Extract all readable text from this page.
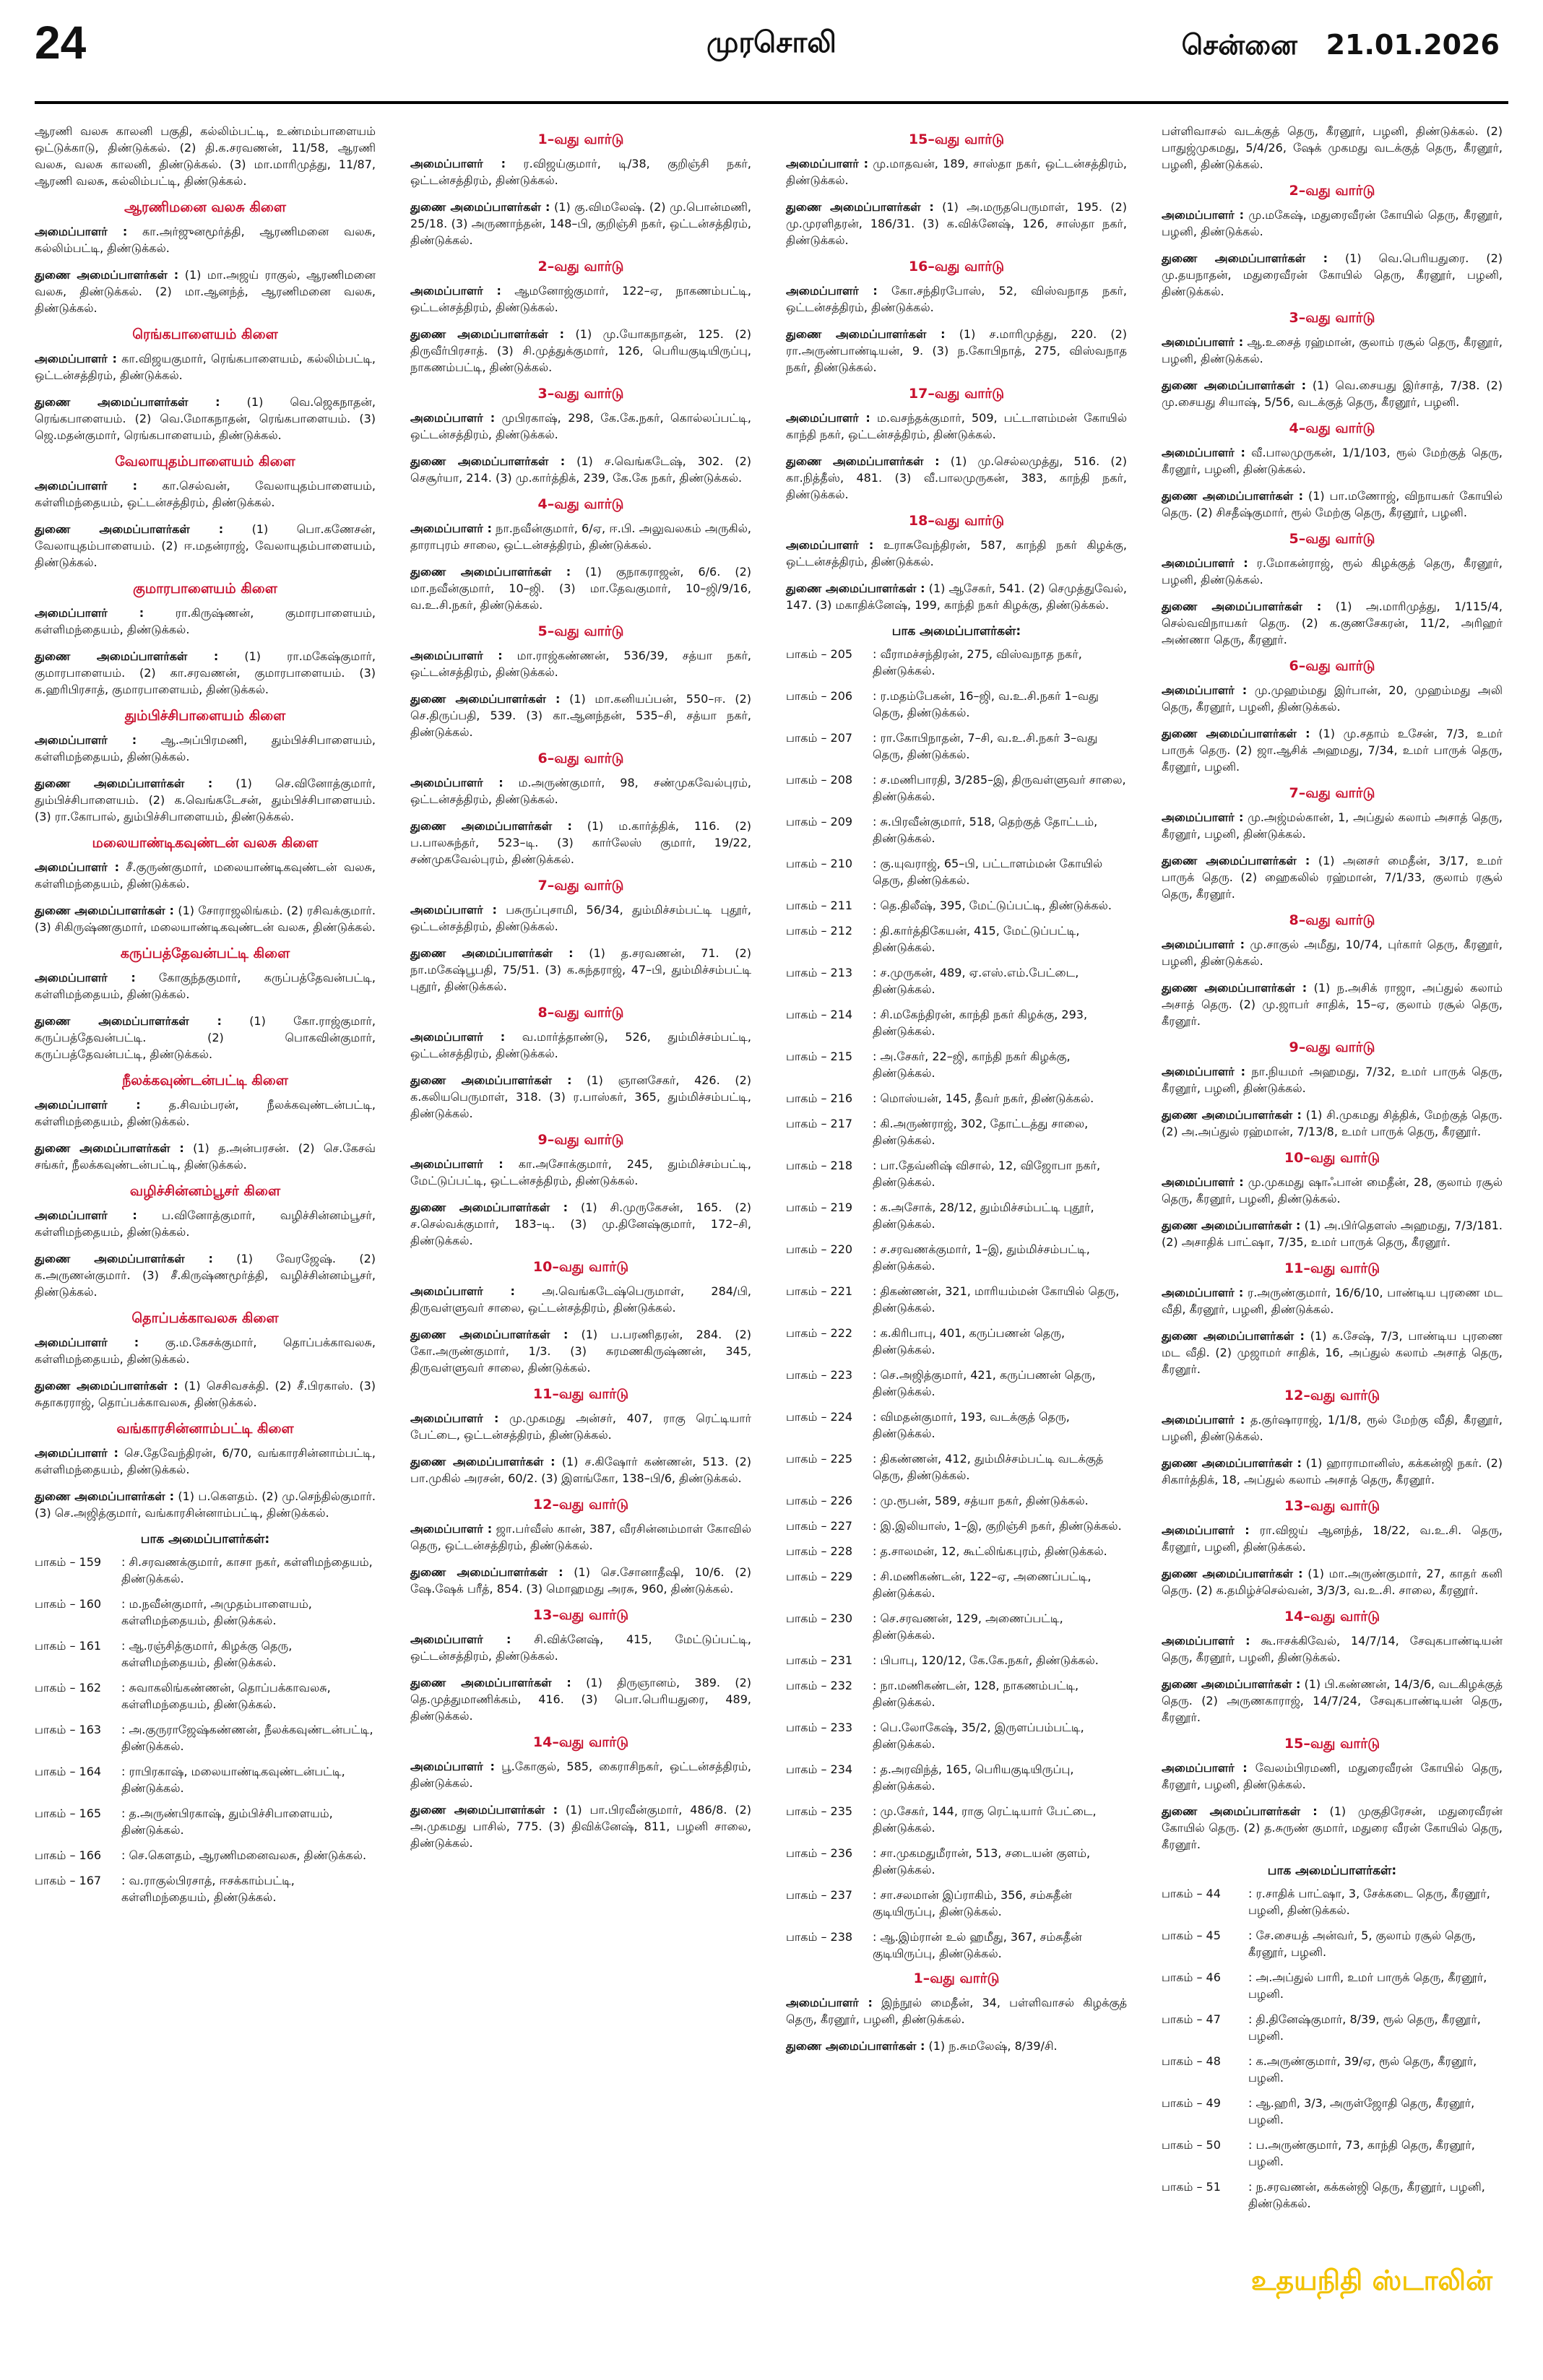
24	முரசொலி	சென்னை 21.01.2026

ஆரணி வலசு காலனி பகுதி, கல்லிம்பட்டி, உண்மம்பாளையம் ஒட்டுக்காடு, திண்டுக்கல். (2) தி.க.சரவணன், 11/58, ஆரணி வலசு, வலசு காலனி, திண்டுக்கல். (3) மா.மாரிமுத்து, 11/87, ஆரணி வலசு, கல்லிம்பட்டி, திண்டுக்கல்.

ஆரணிமனை வலசு கிளை

அமைப்பாளர் : கா.அர்ஜுனமூர்த்தி, ஆரணிமனை வலசு, கல்லிம்பட்டி, திண்டுக்கல்.

துணை அமைப்பாளர்கள் : (1) மா.அஜய் ராகுல், ஆரணிமனை வலசு, திண்டுக்கல். (2) மா.ஆனந்த், ஆரணிமனை வலசு, திண்டுக்கல்.

ரெங்கபாளையம் கிளை

அமைப்பாளர் : கா.விஜயகுமார், ரெங்கபாளையம், கல்லிம்பட்டி, ஒட்டன்சத்திரம், திண்டுக்கல்.

துணை அமைப்பாளர்கள் : (1) வெ.ஜெகநாதன், ரெங்கபாளையம். (2) வெ.மோகநாதன், ரெங்கபாளையம். (3) ஜெ.மதன்குமார், ரெங்கபாளையம், திண்டுக்கல்.

வேலாயுதம்பாளையம் கிளை

அமைப்பாளர் : கா.செல்வன், வேலாயுதம்பாளையம், கள்ளிமந்தையம், ஒட்டன்சத்திரம், திண்டுக்கல்.

துணை அமைப்பாளர்கள் : (1) பொ.கணேசன், வேலாயுதம்பாளையம். (2) ஈ.மதன்ராஜ், வேலாயுதம்பாளையம், திண்டுக்கல்.

குமாரபாளையம் கிளை

அமைப்பாளர் :	ரா.கிருஷ்ணன், குமாரபாளையம், கள்ளிமந்தையம், திண்டுக்கல்.

துணை அமைப்பாளர்கள் : (1) ரா.மகேஷ்குமார், குமாரபாளையம். (2) கா.சரவணன், குமாரபாளையம். (3) க.ஹரிபிரசாத், குமாரபாளையம், திண்டுக்கல்.

தும்பிச்சிபாளையம் கிளை

அமைப்பாளர் : ஆ.அப்பிரமணி, தும்பிச்சிபாளையம், கள்ளிமந்தையம், திண்டுக்கல்.

துணை அமைப்பாளர்கள் : (1) செ.வினோத்குமார், தும்பிச்சிபாளையம். (2) க.வெங்கடேசன், தும்பிச்சிபாளையம். (3) ரா.கோபால், தும்பிச்சிபாளையம், திண்டுக்கல்.

மலையாண்டிகவுண்டன் வலசு கிளை

அமைப்பாளர் : சீ.குருண்குமார், மலையாண்டிகவுண்டன் வலசு, கள்ளிமந்தையம், திண்டுக்கல்.

துணை அமைப்பாளர்கள் : (1) சோராஜலிங்கம். (2) ரசிவக்குமார். (3) சிகிருஷ்ணகுமார், மலையாண்டிகவுண்டன் வலசு, திண்டுக்கல்.

கருப்பத்தேவன்பட்டி கிளை

அமைப்பாளர் : கோகுந்தகுமார், கருப்பத்தேவன்பட்டி, கள்ளிமந்தையம், திண்டுக்கல்.

துணை அமைப்பாளர்கள் : (1) கோ.ராஜ்குமார், கருப்பத்தேவன்பட்டி. (2) பொகவின்குமார், கருப்பத்தேவன்பட்டி, திண்டுக்கல்.

நீலக்கவுண்டன்பட்டி கிளை

அமைப்பாளர் : த.சிவம்பரன், நீலக்கவுண்டன்பட்டி, கள்ளிமந்தையம், திண்டுக்கல்.

துணை அமைப்பாளர்கள் : (1) த.அன்பரசன். (2) செ.கேசவ் சங்கர், நீலக்கவுண்டன்பட்டி, திண்டுக்கல்.

வழிச்சின்னம்பூசர் கிளை

அமைப்பாளர் : ப.வினோத்குமார், வழிச்சின்னம்பூசர், கள்ளிமந்தையம், திண்டுக்கல்.

துணை அமைப்பாளர்கள் : (1) வேரஜேஷ். (2) க.அருணன்குமார். (3) சீ.கிருஷ்ணமூர்த்தி, வழிச்சின்னம்பூசர், திண்டுக்கல்.

தொப்பக்காவலசு கிளை

அமைப்பாளர் : கு.ம.கேசக்குமார், தொப்பக்காவலசு, கள்ளிமந்தையம், திண்டுக்கல்.

துணை அமைப்பாளர்கள் : (1) செசிவசக்தி. (2) சீ.பிரகாஸ். (3) சுதாகரராஜ், தொப்பக்காவலசு, திண்டுக்கல்.

வங்காரசின்னாம்பட்டி கிளை

அமைப்பாளர் : செ.தேவேந்திரன், 6/70, வங்காரசின்னாம்பட்டி, கள்ளிமந்தையம், திண்டுக்கல்.

துணை அமைப்பாளர்கள் : (1) ப.கௌதம். (2) மு.செந்தில்குமார். (3) செ.அஜித்குமார், வங்காரசின்னாம்பட்டி, திண்டுக்கல்.

பாக அமைப்பாளர்கள்:
பாகம் – 159	: சி.சரவணக்குமார், காசா நகர், கள்ளிமந்தையம், திண்டுக்கல்.
பாகம் – 160	: ம.நவீன்குமார், அமுதம்பாளையம், கள்ளிமந்தையம், திண்டுக்கல்.
பாகம் – 161	: ஆ.ரஞ்சித்குமார், கிழக்கு தெரு, கள்ளிமந்தையம், திண்டுக்கல்.
பாகம் – 162	: சுவாகலிங்கண்ணன், தொப்பக்காவலசு, கள்ளிமந்தையம், திண்டுக்கல்.
பாகம் – 163	: அ.குருராஜேஷ்கண்ணன், நீலக்கவுண்டன்பட்டி, திண்டுக்கல்.
பாகம் – 164	: ராபிரகாஷ், மலையாண்டிகவுண்டன்பட்டி, திண்டுக்கல்.
பாகம் – 165	: த.அருண்பிரகாஷ், தும்பிச்சிபாளையம், திண்டுக்கல்.
பாகம் – 166	: செ.கௌதம், ஆரணிமனைவலசு, திண்டுக்கல்.
பாகம் – 167	: வ.ராகுல்பிரசாத், ஈசக்காம்பட்டி, கள்ளிமந்தையம், திண்டுக்கல்.
1–வது வார்டு

அமைப்பாளர் : ர.விஜய்குமார், டி/38, குறிஞ்சி நகர், ஒட்டன்சத்திரம், திண்டுக்கல்.

துணை அமைப்பாளர்கள் : (1) கு.விமலேஷ். (2) மு.பொன்மணி, 25/18. (3) அருணாந்தன், 148–பி, குறிஞ்சி நகர், ஒட்டன்சத்திரம், திண்டுக்கல்.

2–வது வார்டு

அமைப்பாளர் : ஆமனோஜ்குமார், 122–ஏ, நாகணம்பட்டி, ஒட்டன்சத்திரம், திண்டுக்கல்.

துணை அமைப்பாளர்கள் : (1) மு.யோகநாதன், 125. (2) திருவீர்பிரசாத். (3) சி.முத்துக்குமார், 126, பெரியகுடியிருப்பு, நாகணம்பட்டி, திண்டுக்கல்.

3–வது வார்டு

அமைப்பாளர் : முபிரகாஷ், 298, கே.கே.நகர், கொல்லப்பட்டி, ஒட்டன்சத்திரம், திண்டுக்கல்.

துணை அமைப்பாளர்கள் : (1) ச.வெங்கடேஷ், 302. (2) செசூர்யா, 214. (3) மு.கார்த்திக், 239, கே.கே நகர், திண்டுக்கல்.

4–வது வார்டு

அமைப்பாளர் : நா.நவீன்குமார், 6/ஏ, ஈ.பி. அலுவலகம் அருகில், தாராபுரம் சாலை, ஒட்டன்சத்திரம், திண்டுக்கல்.

துணை அமைப்பாளர்கள் : (1) குநாகராஜன், 6/6. (2) மா.நவீன்குமார், 10–ஜி. (3) மா.தேவகுமார், 10–ஜி/9/16, வ.உ.சி.நகர், திண்டுக்கல்.

5–வது வார்டு

அமைப்பாளர் : மா.ராஜ்கண்ணன், 536/39, சத்யா நகர், ஒட்டன்சத்திரம், திண்டுக்கல்.

துணை அமைப்பாளர்கள் : (1) மா.கனியப்பன், 550–ஈ. (2) செ.திருப்பதி, 539. (3) கா.ஆனந்தன், 535–சி, சத்யா நகர், திண்டுக்கல்.

6–வது வார்டு

அமைப்பாளர் : ம.அருண்குமார், 98, சண்முகவேல்புரம், ஒட்டன்சத்திரம், திண்டுக்கல்.

துணை அமைப்பாளர்கள் : (1) ம.கார்த்திக், 116. (2) ப.பாலசுந்தர், 523–டி. (3) கார்லேஸ் குமார், 19/22, சண்முகவேல்புரம், திண்டுக்கல்.

7–வது வார்டு

அமைப்பாளர் : பசுருப்புசாமி, 56/34, தும்மிச்சம்பட்டி புதூர், ஒட்டன்சத்திரம், திண்டுக்கல்.

துணை அமைப்பாளர்கள் : (1) த.சரவணன், 71. (2) நா.மகேஷ்பூபதி, 75/51. (3) க.கந்தராஜ், 47–பி, தும்மிச்சம்பட்டி புதூர், திண்டுக்கல்.

8–வது வார்டு

அமைப்பாளர் : வ.மார்த்தாண்டு, 526, தும்மிச்சம்பட்டி, ஒட்டன்சத்திரம், திண்டுக்கல்.

துணை அமைப்பாளர்கள் : (1) ஞானசேகர், 426. (2) க.கலியபெருமாள், 318. (3) ர.பாஸ்கர், 365, தும்மிச்சம்பட்டி, திண்டுக்கல்.

9–வது வார்டு

அமைப்பாளர் : கா.அசோக்குமார், 245, தும்மிச்சம்பட்டி, மேட்டுப்பட்டி, ஒட்டன்சத்திரம், திண்டுக்கல்.

துணை அமைப்பாளர்கள் : (1) சி.முருகேசன், 165. (2) ச.செல்வக்குமார், 183–டி. (3) மு.தினேஷ்குமார், 172–சி, திண்டுக்கல்.

10–வது வார்டு

அமைப்பாளர் : அ.வெங்கடேஷ்பெருமாள், 284/பி, திருவள்ளுவர் சாலை, ஒட்டன்சத்திரம், திண்டுக்கல்.

துணை அமைப்பாளர்கள் : (1) ப.பரணிதரன், 284. (2) கோ.அருண்குமார், 1/3. (3) சுரமணகிருஷ்ணன், 345, திருவள்ளுவர் சாலை, திண்டுக்கல்.

11–வது வார்டு

அமைப்பாளர் : மு.முகமது அன்சர், 407, ராகு ரெட்டியார் பேட்டை, ஒட்டன்சத்திரம், திண்டுக்கல்.

துணை அமைப்பாளர்கள் : (1) ச.கிஷோர் கண்ணன், 513. (2) பா.முகில் அரசன், 60/2. (3) இளங்கோ, 138–பி/6, திண்டுக்கல்.

12–வது வார்டு

அமைப்பாளர் : ஜா.பர்வீஸ் கான், 387, வீரசின்னம்மாள் கோவில் தெரு, ஒட்டன்சத்திரம், திண்டுக்கல்.

துணை அமைப்பாளர்கள் : (1) செ.சோனாதீஷி, 10/6. (2) ஷே.ஷேக் பரீத், 854. (3) மொஹமது அரசு, 960, திண்டுக்கல்.

13–வது வார்டு

அமைப்பாளர் : சி.விக்னேஷ், 415, மேட்டுப்பட்டி, ஒட்டன்சத்திரம், திண்டுக்கல்.

துணை அமைப்பாளர்கள் : (1) திருஞானம், 389. (2) தெ.முத்துமாணிக்கம், 416. (3) பொ.பெரியதுரை, 489, திண்டுக்கல்.

14–வது வார்டு

அமைப்பாளர் : பூ.கோகுல், 585, கைராசிநகர், ஒட்டன்சத்திரம், திண்டுக்கல்.

துணை அமைப்பாளர்கள் : (1) பா.பிரவீன்குமார், 486/8. (2) அ.முகமது பாசில், 775. (3) திவிக்னேஷ், 811, பழனி சாலை, திண்டுக்கல்.

15–வது வார்டு

அமைப்பாளர் : மு.மாதவன், 189, சாஸ்தா நகர், ஒட்டன்சத்திரம், திண்டுக்கல்.

துணை அமைப்பாளர்கள் : (1) அ.மருதபெருமாள், 195. (2) மு.முரளிதரன், 186/31. (3) க.விக்னேஷ், 126, சாஸ்தா நகர், திண்டுக்கல்.

16–வது வார்டு

அமைப்பாளர் : கோ.சந்திரபோஸ், 52, விஸ்வநாத நகர், ஒட்டன்சத்திரம், திண்டுக்கல்.

துணை அமைப்பாளர்கள் : (1) ச.மாரிமுத்து, 220. (2) ரா.அருண்பாண்டியன், 9. (3) ந.கோபிநாத், 275, விஸ்வநாத நகர், திண்டுக்கல்.

17–வது வார்டு

அமைப்பாளர் : ம.வசந்தக்குமார், 509, பட்டாளம்மன் கோயில் காந்தி நகர், ஒட்டன்சத்திரம், திண்டுக்கல்.

துணை அமைப்பாளர்கள் : (1) மு.செல்லமுத்து, 516. (2) கா.நித்தீஸ், 481. (3) வீ.பாலமுருகன், 383, காந்தி நகர், திண்டுக்கல்.

18–வது வார்டு

அமைப்பாளர் : உராசுவேந்திரன், 587, காந்தி நகர் கிழக்கு, ஒட்டன்சத்திரம், திண்டுக்கல்.

துணை அமைப்பாளர்கள் : (1) ஆசேகர், 541. (2) செமுத்துவேல், 147. (3) மகாதிக்னேஷ், 199, காந்தி நகர் கிழக்கு, திண்டுக்கல்.

பாக அமைப்பாளர்கள்:
பாகம் – 205	: வீராமச்சந்திரன், 275, விஸ்வநாத நகர், திண்டுக்கல்.
பாகம் – 206	: ர.மதம்பேகன், 16–ஜி, வ.உ.சி.நகர் 1–வது தெரு, திண்டுக்கல்.
பாகம் – 207	: ரா.கோபிநாதன், 7–சி, வ.உ.சி.நகர் 3–வது தெரு, திண்டுக்கல்.
பாகம் – 208	: ச.மணிபாரதி, 3/285–இ, திருவள்ளுவர் சாலை, திண்டுக்கல்.
பாகம் – 209	: சு.பிரவீன்குமார், 518, தெற்குத் தோட்டம், திண்டுக்கல்.
பாகம் – 210	: கு.யுவராஜ், 65–பி, பட்டாளம்மன் கோயில் தெரு, திண்டுக்கல்.
பாகம் – 211	: தெ.திலீஷ், 395, மேட்டுப்பட்டி, திண்டுக்கல்.
பாகம் – 212	: தி.கார்த்திகேயன், 415, மேட்டுப்பட்டி, திண்டுக்கல்.
பாகம் – 213	: ச.முருகன், 489, ஏ.எஸ்.எம்.பேட்டை, திண்டுக்கல்.
பாகம் – 214	: சி.மகேந்திரன், காந்தி நகர் கிழக்கு, 293, திண்டுக்கல்.
பாகம் – 215	: அ.சேகர், 22–ஜி, காந்தி நகர் கிழக்கு, திண்டுக்கல்.
பாகம் – 216	: மொஸ்யன், 145, தீவர் நகர், திண்டுக்கல்.
பாகம் – 217	: கி.அருண்ராஜ், 302, தோட்டத்து சாலை, திண்டுக்கல்.
பாகம் – 218	: பா.தேவ்னிஷ் விசால், 12, விஜோபா நகர், திண்டுக்கல்.
பாகம் – 219	: க.அசோக், 28/12, தும்மிச்சம்பட்டி புதூர், திண்டுக்கல்.
பாகம் – 220	: ச.சரவணக்குமார், 1–இ, தும்மிச்சம்பட்டி, திண்டுக்கல்.
பாகம் – 221	: திகண்ணன், 321, மாரியம்மன் கோயில் தெரு, திண்டுக்கல்.
பாகம் – 222	: க.கிரிபாபு, 401, கருப்பணன் தெரு, திண்டுக்கல்.
பாகம் – 223	: செ.அஜித்குமார், 421, கருப்பணன் தெரு, திண்டுக்கல்.
பாகம் – 224	: விமதன்குமார், 193, வடக்குத் தெரு, திண்டுக்கல்.
பாகம் – 225	: திகண்ணன், 412, தும்மிச்சம்பட்டி வடக்குத் தெரு, திண்டுக்கல்.
பாகம் – 226	: மு.ரூபன், 589, சத்யா நகர், திண்டுக்கல்.
பாகம் – 227	: இ.இலியாஸ், 1–இ, குறிஞ்சி நகர், திண்டுக்கல்.
பாகம் – 228	: த.சாலமன், 12, கூட்லிங்கபுரம், திண்டுக்கல்.
பாகம் – 229	: சி.மணிகண்டன், 122–ஏ, அணைப்பட்டி, திண்டுக்கல்.
பாகம் – 230	: செ.சரவணன், 129, அணைப்பட்டி, திண்டுக்கல்.
பாகம் – 231	: பிபாபு, 120/12, கே.கே.நகர், திண்டுக்கல்.
பாகம் – 232	: நா.மணிகண்டன், 128, நாகணம்பட்டி, திண்டுக்கல்.
பாகம் – 233	: பெ.லோகேஷ், 35/2, இருளப்பம்பட்டி, திண்டுக்கல்.
பாகம் – 234	: த.அரவிந்த், 165, பெரியகுடியிருப்பு, திண்டுக்கல்.
பாகம் – 235	: மு.சேகர், 144, ராகு ரெட்டியார் பேட்டை, திண்டுக்கல்.
பாகம் – 236	: சா.முகமதுமீரான், 513, சடையன் குளம், திண்டுக்கல்.
பாகம் – 237	: சா.சலமான் இப்ராகிம், 356, சம்சுதீன் குடியிருப்பு, திண்டுக்கல்.
பாகம் – 238	: ஆ.இம்ரான் உல் ஹமீது, 367, சம்சுதீன் குடியிருப்பு, திண்டுக்கல்.
1–வது வார்டு

அமைப்பாளர் : இந்நூல் மைதீன், 34, பள்ளிவாசல் கிழக்குத் தெரு, கீரனூர், பழனி, திண்டுக்கல்.

துணை அமைப்பாளர்கள் : (1) ந.சுமலேஷ், 8/39/சி.

பள்ளிவாசல் வடக்குத் தெரு, கீரனூர், பழனி, திண்டுக்கல். (2) பாதுஜ்முகமது, 5/4/26, ஷேக் முகமது வடக்குத் தெரு, கீரனூர், பழனி, திண்டுக்கல்.

2–வது வார்டு

அமைப்பாளர் : மு.மகேஷ், மதுரைவீரன் கோயில் தெரு, கீரனூர், பழனி, திண்டுக்கல்.

துணை அமைப்பாளர்கள் : (1) வெ.பெரியதுரை. (2) மு.தயநாதன், மதுரைவீரன் கோயில் தெரு, கீரனூர், பழனி, திண்டுக்கல்.

3–வது வார்டு

அமைப்பாளர் : ஆ.உசைத் ரஹ்மான், குலாம் ரசூல் தெரு, கீரனூர், பழனி, திண்டுக்கல்.

துணை அமைப்பாளர்கள் : (1) வெ.சையது இர்சாத், 7/38. (2) மு.சையது சியாஷ், 5/56, வடக்குத் தெரு, கீரனூர், பழனி.

4–வது வார்டு

அமைப்பாளர் : வீ.பாலமுருகன், 1/1/103, ரூல் மேற்குத் தெரு, கீரனூர், பழனி, திண்டுக்கல்.

துணை அமைப்பாளர்கள் : (1) பா.மணோஜ், விநாயகர் கோயில் தெரு. (2) சிசதீஷ்குமார், ரூல் மேற்கு தெரு, கீரனூர், பழனி.

5–வது வார்டு

அமைப்பாளர் : ர.மோகன்ராஜ், ரூல் கிழக்குத் தெரு, கீரனூர், பழனி, திண்டுக்கல்.

துணை அமைப்பாளர்கள் : (1) அ.மாரிமுத்து, 1/115/4, செல்வவிநாயகர் தெரு. (2) க.குணசேகரன், 11/2, அரிஹர் அண்ணா தெரு, கீரனூர்.

6–வது வார்டு

அமைப்பாளர் : மு.முஹம்மது இர்பான், 20, முஹம்மது அலி தெரு, கீரனூர், பழனி, திண்டுக்கல்.

துணை அமைப்பாளர்கள் : (1) மு.சதாம் உசேன், 7/3, உமர் பாருக் தெரு. (2) ஜா.ஆசிக் அஹமது, 7/34, உமர் பாருக் தெரு, கீரனூர், பழனி.

7–வது வார்டு

அமைப்பாளர் : மு.அஜ்மல்கான், 1, அப்துல் கலாம் அசாத் தெரு, கீரனூர், பழனி, திண்டுக்கல்.

துணை அமைப்பாளர்கள் : (1) அனசர் மைதீன், 3/17, உமர் பாருக் தெரு. (2) ஹைகலில் ரஹ்மான், 7/1/33, குலாம் ரசூல் தெரு, கீரனூர்.

8–வது வார்டு

அமைப்பாளர் : மு.சாகுல் அமீது, 10/74, புர்கார் தெரு, கீரனூர், பழனி, திண்டுக்கல்.

துணை அமைப்பாளர்கள் : (1) ந.அசிக் ராஜா, அப்துல் கலாம் அசாத் தெரு. (2) மு.ஜாபர் சாதிக், 15–ஏ, குலாம் ரசூல் தெரு, கீரனூர்.

9–வது வார்டு

அமைப்பாளர் : நா.நியமர் அஹமது, 7/32, உமர் பாருக் தெரு, கீரனூர், பழனி, திண்டுக்கல்.

துணை அமைப்பாளர்கள் : (1) சி.முகமது சித்திக், மேற்குத் தெரு. (2) அ.அப்துல் ரஹ்மான், 7/13/8, உமர் பாருக் தெரு, கீரனூர்.

10–வது வார்டு

அமைப்பாளர் : மு.முகமது ஷாஃபான் மைதீன், 28, குலாம் ரசூல் தெரு, கீரனூர், பழனி, திண்டுக்கல்.

துணை அமைப்பாளர்கள் : (1) அ.பிர்தௌஸ் அஹமது, 7/3/181. (2) அசாதிக் பாட்ஷா, 7/35, உமர் பாருக் தெரு, கீரனூர்.

11–வது வார்டு

அமைப்பாளர் : ர.அருண்குமார், 16/6/10, பாண்டிய புரணை மட வீதி, கீரனூர், பழனி, திண்டுக்கல்.

துணை அமைப்பாளர்கள் : (1) க.சேஷ், 7/3, பாண்டிய புரணை மட வீதி. (2) முஜாமர் சாதிக், 16, அப்துல் கலாம் அசாத் தெரு, கீரனூர்.

12–வது வார்டு

அமைப்பாளர் : த.குர்ஷாராஜ், 1/1/8, ரூல் மேற்கு வீதி, கீரனூர், பழனி, திண்டுக்கல்.

துணை அமைப்பாளர்கள் : (1) ஹாராமானிஸ், கக்கன்ஜி நகர். (2) சிகார்த்திக், 18, அப்துல் கலாம் அசாத் தெரு, கீரனூர்.

13–வது வார்டு

அமைப்பாளர் : ரா.விஜய் ஆனந்த், 18/22, வ.உ.சி. தெரு, கீரனூர், பழனி, திண்டுக்கல்.

துணை அமைப்பாளர்கள் : (1) மா.அருண்குமார், 27, காதர் கனி தெரு. (2) க.தமிழ்ச்செல்வன், 3/3/3, வ.உ.சி. சாலை, கீரனூர்.

14–வது வார்டு

அமைப்பாளர் : கூ.ஈசக்கிவேல், 14/7/14, சேவுகபாண்டியன் தெரு, கீரனூர், பழனி, திண்டுக்கல்.

துணை அமைப்பாளர்கள் : (1) பி.கண்ணன், 14/3/6, வடகிழக்குத் தெரு. (2) அருணகாராஜ், 14/7/24, சேவுகபாண்டியன் தெரு, கீரனூர்.

15–வது வார்டு

அமைப்பாளர் : வேலம்பிரமணி, மதுரைவீரன் கோயில் தெரு, கீரனூர், பழனி, திண்டுக்கல்.

துணை அமைப்பாளர்கள் : (1) முகுதிரேசன், மதுரைவீரன் கோயில் தெரு. (2) த.சுருண் குமார், மதுரை வீரன் கோயில் தெரு, கீரனூர்.

பாக அமைப்பாளர்கள்:
பாகம் – 44	: ர.சாதிக் பாட்ஷா, 3, சேக்கடை தெரு, கீரனூர், பழனி, திண்டுக்கல்.
பாகம் – 45	: சே.சையத் அன்வர், 5, குலாம் ரசூல் தெரு, கீரனூர், பழனி.
பாகம் – 46	: அ.அப்துல் பாரி, உமர் பாருக் தெரு, கீரனூர், பழனி.
பாகம் – 47	: தி.தினேஷ்குமார், 8/39, ரூல் தெரு, கீரனூர், பழனி.
பாகம் – 48	: க.அருண்குமார், 39/ஏ, ரூல் தெரு, கீரனூர், பழனி.
பாகம் – 49	: ஆ.ஹரி, 3/3, அருள்ஜோதி தெரு, கீரனூர், பழனி.
பாகம் – 50	: ப.அருண்குமார், 73, காந்தி தெரு, கீரனூர், பழனி.
பாகம் – 51	: ந.சரவணன், கக்கன்ஜி தெரு, கீரனூர், பழனி, திண்டுக்கல்.
உதயநிதி ஸ்டாலின்
